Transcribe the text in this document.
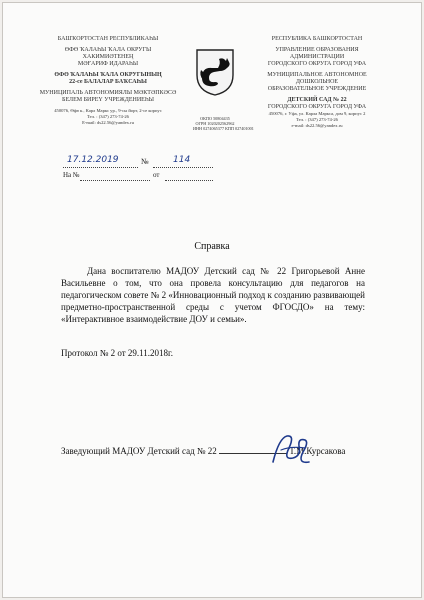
БАШҠОРТОСТАН РЕСПУБЛИКАҺЫ
ӨФӨ ҠАЛАҺЫ ҠАЛА ОКРУГЫ
ХАКИМИӘТЕНЕҢ
МӘҒАРИФ ИДАРАҺЫ
ӨФӨ ҠАЛАҺЫ ҠАЛА ОКРУГЫНЫҢ
22-се БАЛАЛАР БАҠСАҺЫ
МУНИЦИПАЛЬ АВТОНОМИЯЛЫ МӘКТӘПКӘСӘ
БЕЛЕМ БИРЕҮ УЧРЕЖДЕНИЕҺЫ
450076, Өфө к., Карл Маркс ур., 9-сы йорт, 2-се корпус
Тел. : (347) 273-74-26
E-mail: ds22.56@yandex.ru
ОКПО 50804435
ОГРН 1020202562962
ИНН 0274065377 КПП 027401001
РЕСПУБЛИКА БАШКОРТОСТАН
УПРАВЛЕНИЕ ОБРАЗОВАНИЯ
АДМИНИСТРАЦИИ
ГОРОДСКОГО ОКРУГА ГОРОД УФА
МУНИЦИПАЛЬНОЕ АВТОНОМНОЕ
ДОШКОЛЬНОЕ
ОБРАЗОВАТЕЛЬНОЕ УЧРЕЖДЕНИЕ
ДЕТСКИЙ САД № 22
ГОРОДСКОГО ОКРУГА ГОРОД УФА
450076, г. Уфа, ул. Карла Маркса, дом 9, корпус 2
Тел. : (347) 273-74-26
e-mail: ds22.56@yandex.ru
17.12.2019	№	114
На №	от
Справка
Дана воспитателю МАДОУ Детский сад № 22 Григорьевой Анне Васильевне о том, что она провела консультацию для педагогов на педагогическом совете № 2 «Инновационный подход к созданию развивающей предметно-пространственной среды с учетом ФГОСДО» на тему: «Интерактивное взаимодействие ДОУ и семьи».
Протокол № 2 от 29.11.2018г.
Заведующий МАДОУ Детский сад № 22	Т.М.Курсакова
